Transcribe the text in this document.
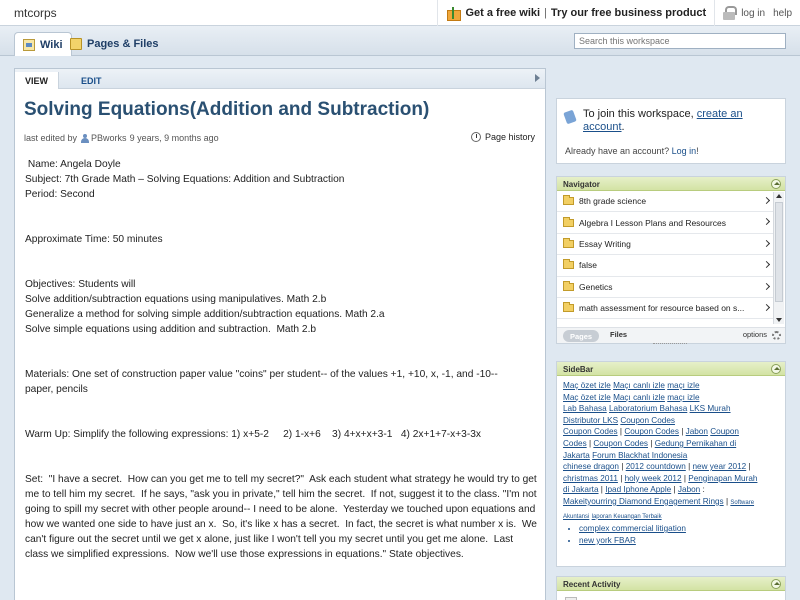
mtcorps	Get a free wiki | Try our free business product	log in help
Wiki Pages & Files
Search this workspace
VIEW	EDIT
Solving Equations(Addition and Subtraction)
last edited by PBworks 9 years, 9 months ago	Page history
Name: Angela Doyle
Subject: 7th Grade Math – Solving Equations: Addition and Subtraction
Period: Second
Approximate Time: 50 minutes
Objectives: Students will
Solve addition/subtraction equations using manipulatives. Math 2.b
Generalize a method for solving simple addition/subtraction equations. Math 2.a
Solve simple equations using addition and subtraction.  Math 2.b
Materials: One set of construction paper value "coins" per student-- of the values +1, +10, x, -1, and -10--
paper, pencils
Warm Up: Simplify the following expressions: 1) x+5-2     2) 1-x+6    3) 4+x+x+3-1   4) 2x+1+7-x+3-3x
Set:  "I have a secret.  How can you get me to tell my secret?"  Ask each student what strategy he would try to get me to tell him my secret.  If he says, "ask you in private," tell him the secret.  If not, suggest it to the class. "I'm not going to spill my secret with other people around-- I need to be alone.  Yesterday we touched upon equations and how we wanted one side to have just an x.  So, it's like x has a secret.  In fact, the secret is what number x is.  We can't figure out the secret until we get x alone, just like I won't tell you my secret until you get me alone.  Last class we simplified expressions.  Now we'll use those expressions in equations." State objectives.
To join this workspace, create an account.
Already have an account? Log in!
Navigator
8th grade science
Algebra I Lesson Plans and Resources
Essay Writing
false
Genetics
math assessment for resource based on s...
Pages	Files	options
SideBar
Maç özet izle Maçı canlı izle maçı izle
Maç özet izle Maçı canlı izle maçı izle
Lab Bahasa Laboratorium Bahasa LKS Murah
Distributor LKS Coupon Codes
Coupon Codes | Coupon Codes | Jabon Coupon
Codes | Coupon Codes | Gedung Pernikahan di
Jakarta Forum Blackhat Indonesia
chinese dragon | 2012 countdown | new year 2012 |
christmas 2011 | holy week 2012 | Penginapan Murah
di Jakarta | Ipad Iphone Apple | Jabon :
Makeityourring Diamond Engagement Rings | Software
Akuntansi laporan Keuangan Terbaik
• complex commercial litigation
• new york FBAR
Recent Activity
